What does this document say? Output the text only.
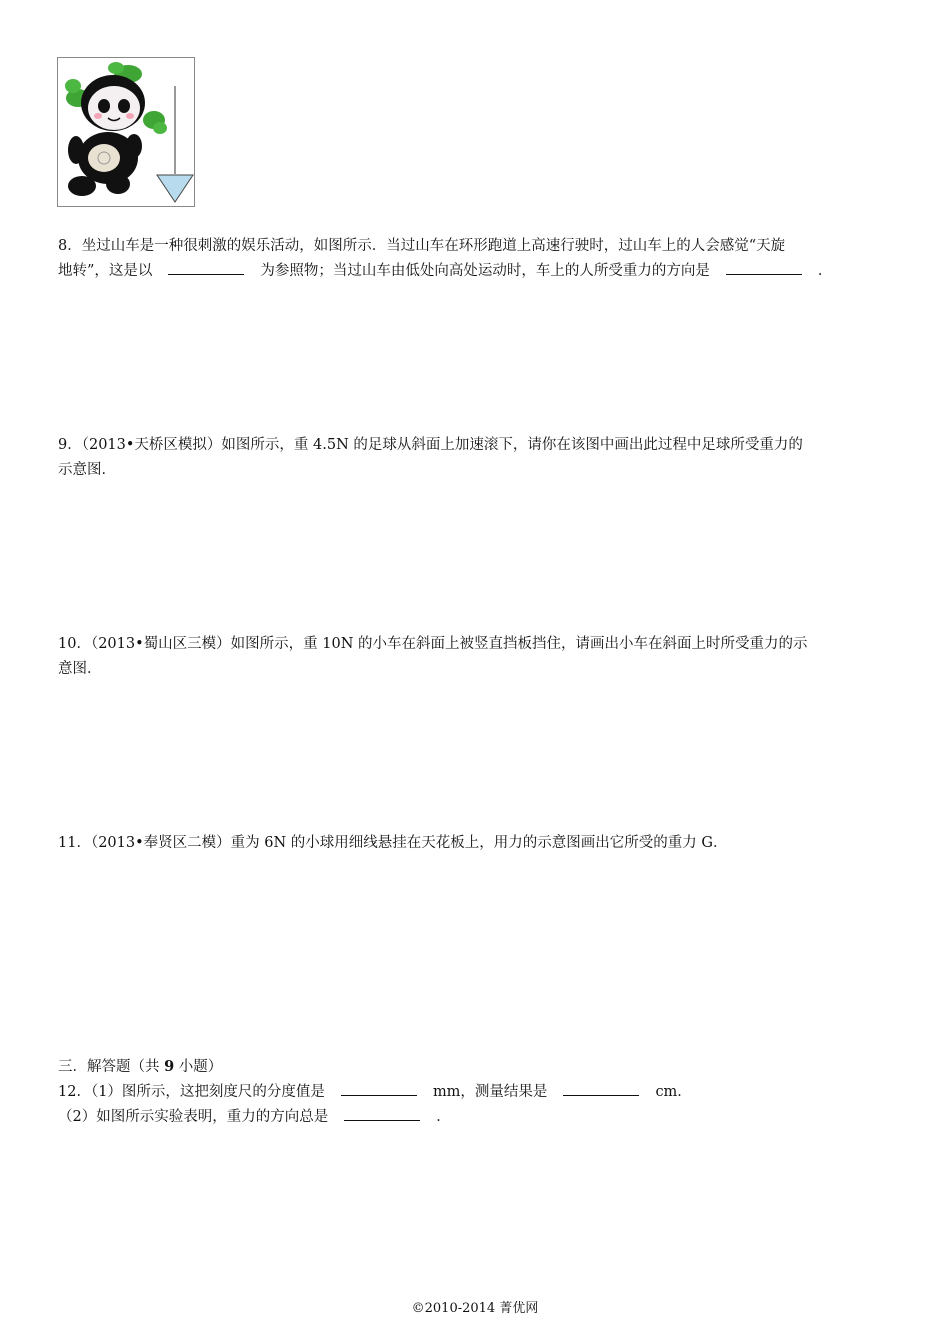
8．坐过山车是一种很刺激的娱乐活动，如图所示．当过山车在环形跑道上高速行驶时，过山车上的人会感觉“天旋
地转”，这是以	为参照物；当过山车由低处向高处运动时，车上的人所受重力的方向是	．
9．（2013•天桥区模拟）如图所示，重 4.5N 的足球从斜面上加速滚下，请你在该图中画出此过程中足球所受重力的
示意图．
10．（2013•蜀山区三模）如图所示，重 10N 的小车在斜面上被竖直挡板挡住，请画出小车在斜面上时所受重力的示
意图．
11．（2013•奉贤区二模）重为 6N 的小球用细线悬挂在天花板上，用力的示意图画出它所受的重力 G．
三．解答题（共 9 小题）
12．（1）图所示，这把刻度尺的分度值是	mm，测量结果是	cm．
（2）如图所示实验表明，重力的方向总是	．
©2010-2014 菁优网
